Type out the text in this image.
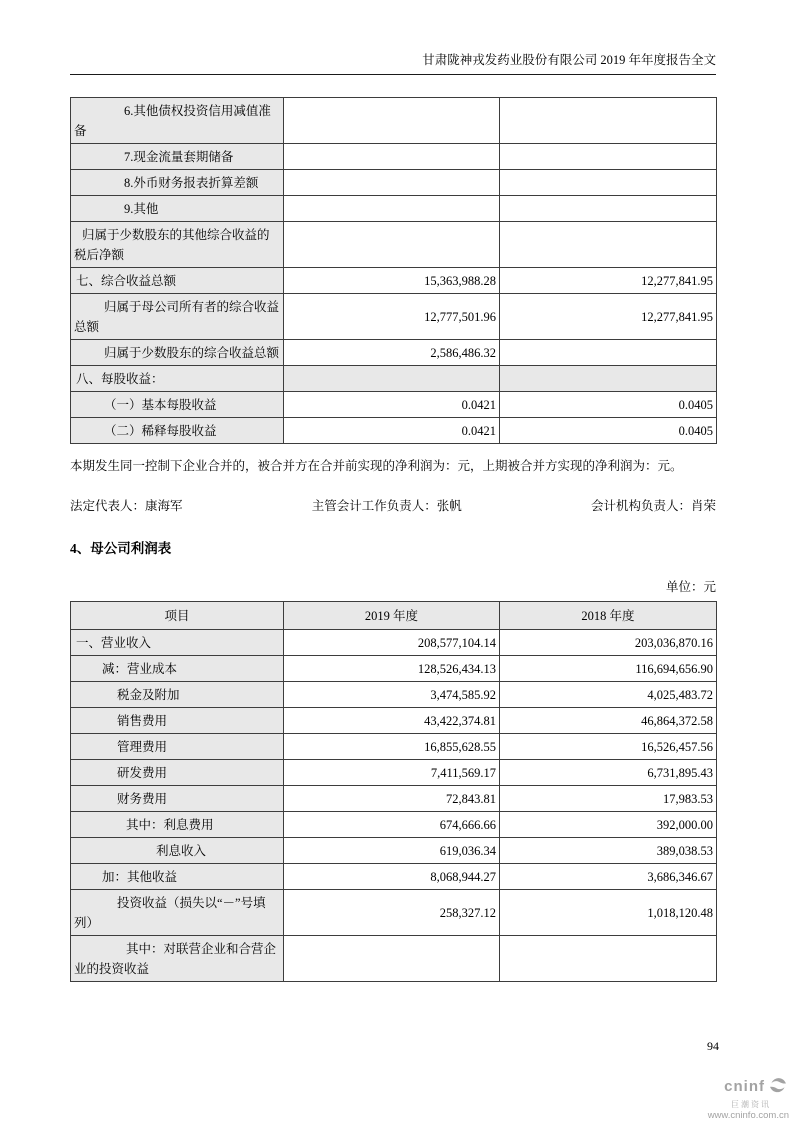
甘肃陇神戎发药业股份有限公司 2019 年年度报告全文
6.其他债权投资信用减值准备		
7.现金流量套期储备		
8.外币财务报表折算差额		
9.其他		
归属于少数股东的其他综合收益的税后净额		
七、综合收益总额	15,363,988.28	12,277,841.95
归属于母公司所有者的综合收益总额	12,777,501.96	12,277,841.95
归属于少数股东的综合收益总额	2,586,486.32	
八、每股收益：		
（一）基本每股收益	0.0421	0.0405
（二）稀释每股收益	0.0421	0.0405

本期发生同一控制下企业合并的，被合并方在合并前实现的净利润为：元，上期被合并方实现的净利润为：元。

法定代表人：康海军	主管会计工作负责人：张帆	会计机构负责人：肖荣
4、母公司利润表
单位：元
项目	2019 年度	2018 年度
一、营业收入	208,577,104.14	203,036,870.16
减：营业成本	128,526,434.13	116,694,656.90
税金及附加	3,474,585.92	4,025,483.72
销售费用	43,422,374.81	46,864,372.58
管理费用	16,855,628.55	16,526,457.56
研发费用	7,411,569.17	6,731,895.43
财务费用	72,843.81	17,983.53
其中：利息费用	674,666.66	392,000.00
利息收入	619,036.34	389,038.53
加：其他收益	8,068,944.27	3,686,346.67
投资收益（损失以“－”号填列）	258,327.12	1,018,120.48
其中：对联营企业和合营企业的投资收益		
94
cninf
巨潮资讯
www.cninfo.com.cn
